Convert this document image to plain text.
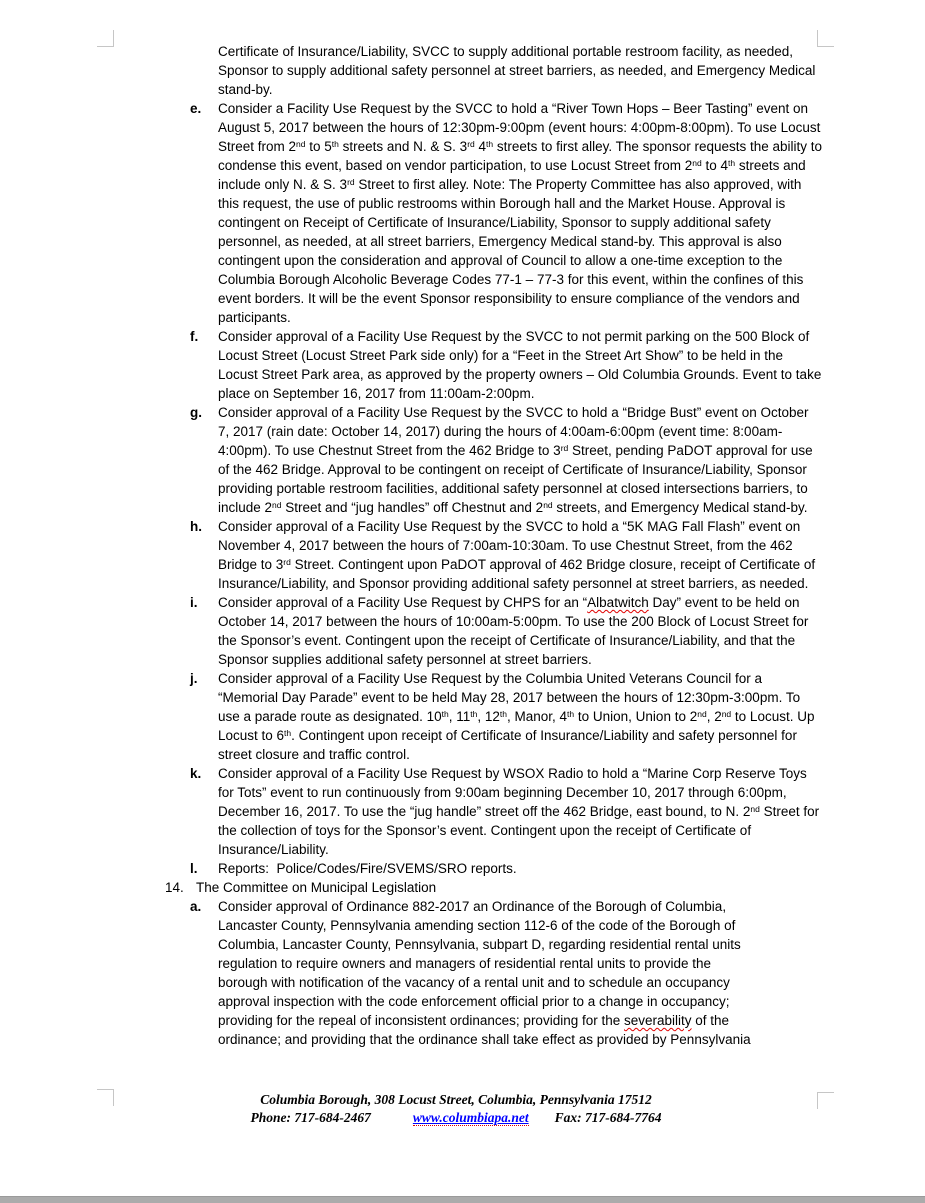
Certificate of Insurance/Liability, SVCC to supply additional portable restroom facility, as needed, Sponsor to supply additional safety personnel at street barriers, as needed, and Emergency Medical stand-by.
e.	Consider a Facility Use Request by the SVCC to hold a “River Town Hops – Beer Tasting” event on August 5, 2017 between the hours of 12:30pm-9:00pm (event hours: 4:00pm-8:00pm). To use Locust Street from 2nd to 5th streets and N. & S. 3rd 4th streets to first alley. The sponsor requests the ability to condense this event, based on vendor participation, to use Locust Street from 2nd to 4th streets and include only N. & S. 3rd Street to first alley. Note: The Property Committee has also approved, with this request, the use of public restrooms within Borough hall and the Market House. Approval is contingent on Receipt of Certificate of Insurance/Liability, Sponsor to supply additional safety personnel, as needed, at all street barriers, Emergency Medical stand-by. This approval is also contingent upon the consideration and approval of Council to allow a one-time exception to the Columbia Borough Alcoholic Beverage Codes 77-1 – 77-3 for this event, within the confines of this event borders. It will be the event Sponsor responsibility to ensure compliance of the vendors and participants.
f.	Consider approval of a Facility Use Request by the SVCC to not permit parking on the 500 Block of Locust Street (Locust Street Park side only) for a “Feet in the Street Art Show” to be held in the Locust Street Park area, as approved by the property owners – Old Columbia Grounds. Event to take place on September 16, 2017 from 11:00am-2:00pm.
g.	Consider approval of a Facility Use Request by the SVCC to hold a “Bridge Bust” event on October 7, 2017 (rain date: October 14, 2017) during the hours of 4:00am-6:00pm (event time: 8:00am-4:00pm). To use Chestnut Street from the 462 Bridge to 3rd Street, pending PaDOT approval for use of the 462 Bridge. Approval to be contingent on receipt of Certificate of Insurance/Liability, Sponsor providing portable restroom facilities, additional safety personnel at closed intersections barriers, to include 2nd Street and “jug handles” off Chestnut and 2nd streets, and Emergency Medical stand-by.
h.	Consider approval of a Facility Use Request by the SVCC to hold a “5K MAG Fall Flash” event on November 4, 2017 between the hours of 7:00am-10:30am. To use Chestnut Street, from the 462 Bridge to 3rd Street. Contingent upon PaDOT approval of 462 Bridge closure, receipt of Certificate of Insurance/Liability, and Sponsor providing additional safety personnel at street barriers, as needed.
i.	Consider approval of a Facility Use Request by CHPS for an “Albatwitch Day” event to be held on October 14, 2017 between the hours of 10:00am-5:00pm. To use the 200 Block of Locust Street for the Sponsor’s event. Contingent upon the receipt of Certificate of Insurance/Liability, and that the Sponsor supplies additional safety personnel at street barriers.
j.	Consider approval of a Facility Use Request by the Columbia United Veterans Council for a “Memorial Day Parade” event to be held May 28, 2017 between the hours of 12:30pm-3:00pm. To use a parade route as designated. 10th, 11th, 12th, Manor, 4th to Union, Union to 2nd, 2nd to Locust. Up Locust to 6th. Contingent upon receipt of Certificate of Insurance/Liability and safety personnel for street closure and traffic control.
k.	Consider approval of a Facility Use Request by WSOX Radio to hold a “Marine Corp Reserve Toys for Tots” event to run continuously from 9:00am beginning December 10, 2017 through 6:00pm, December 16, 2017. To use the “jug handle” street off the 462 Bridge, east bound, to N. 2nd Street for the collection of toys for the Sponsor’s event. Contingent upon the receipt of Certificate of Insurance/Liability.
l.	Reports:  Police/Codes/Fire/SVEMS/SRO reports.
14. The Committee on Municipal Legislation
a.	Consider approval of Ordinance 882-2017 an Ordinance of the Borough of Columbia, Lancaster County, Pennsylvania amending section 112-6 of the code of the Borough of Columbia, Lancaster County, Pennsylvania, subpart D, regarding residential rental units regulation to require owners and managers of residential rental units to provide the borough with notification of the vacancy of a rental unit and to schedule an occupancy approval inspection with the code enforcement official prior to a change in occupancy; providing for the repeal of inconsistent ordinances; providing for the severability of the ordinance; and providing that the ordinance shall take effect as provided by Pennsylvania
Columbia Borough, 308 Locust Street, Columbia, Pennsylvania 17512
Phone: 717-684-2467	www.columbiapa.net Fax: 717-684-7764
